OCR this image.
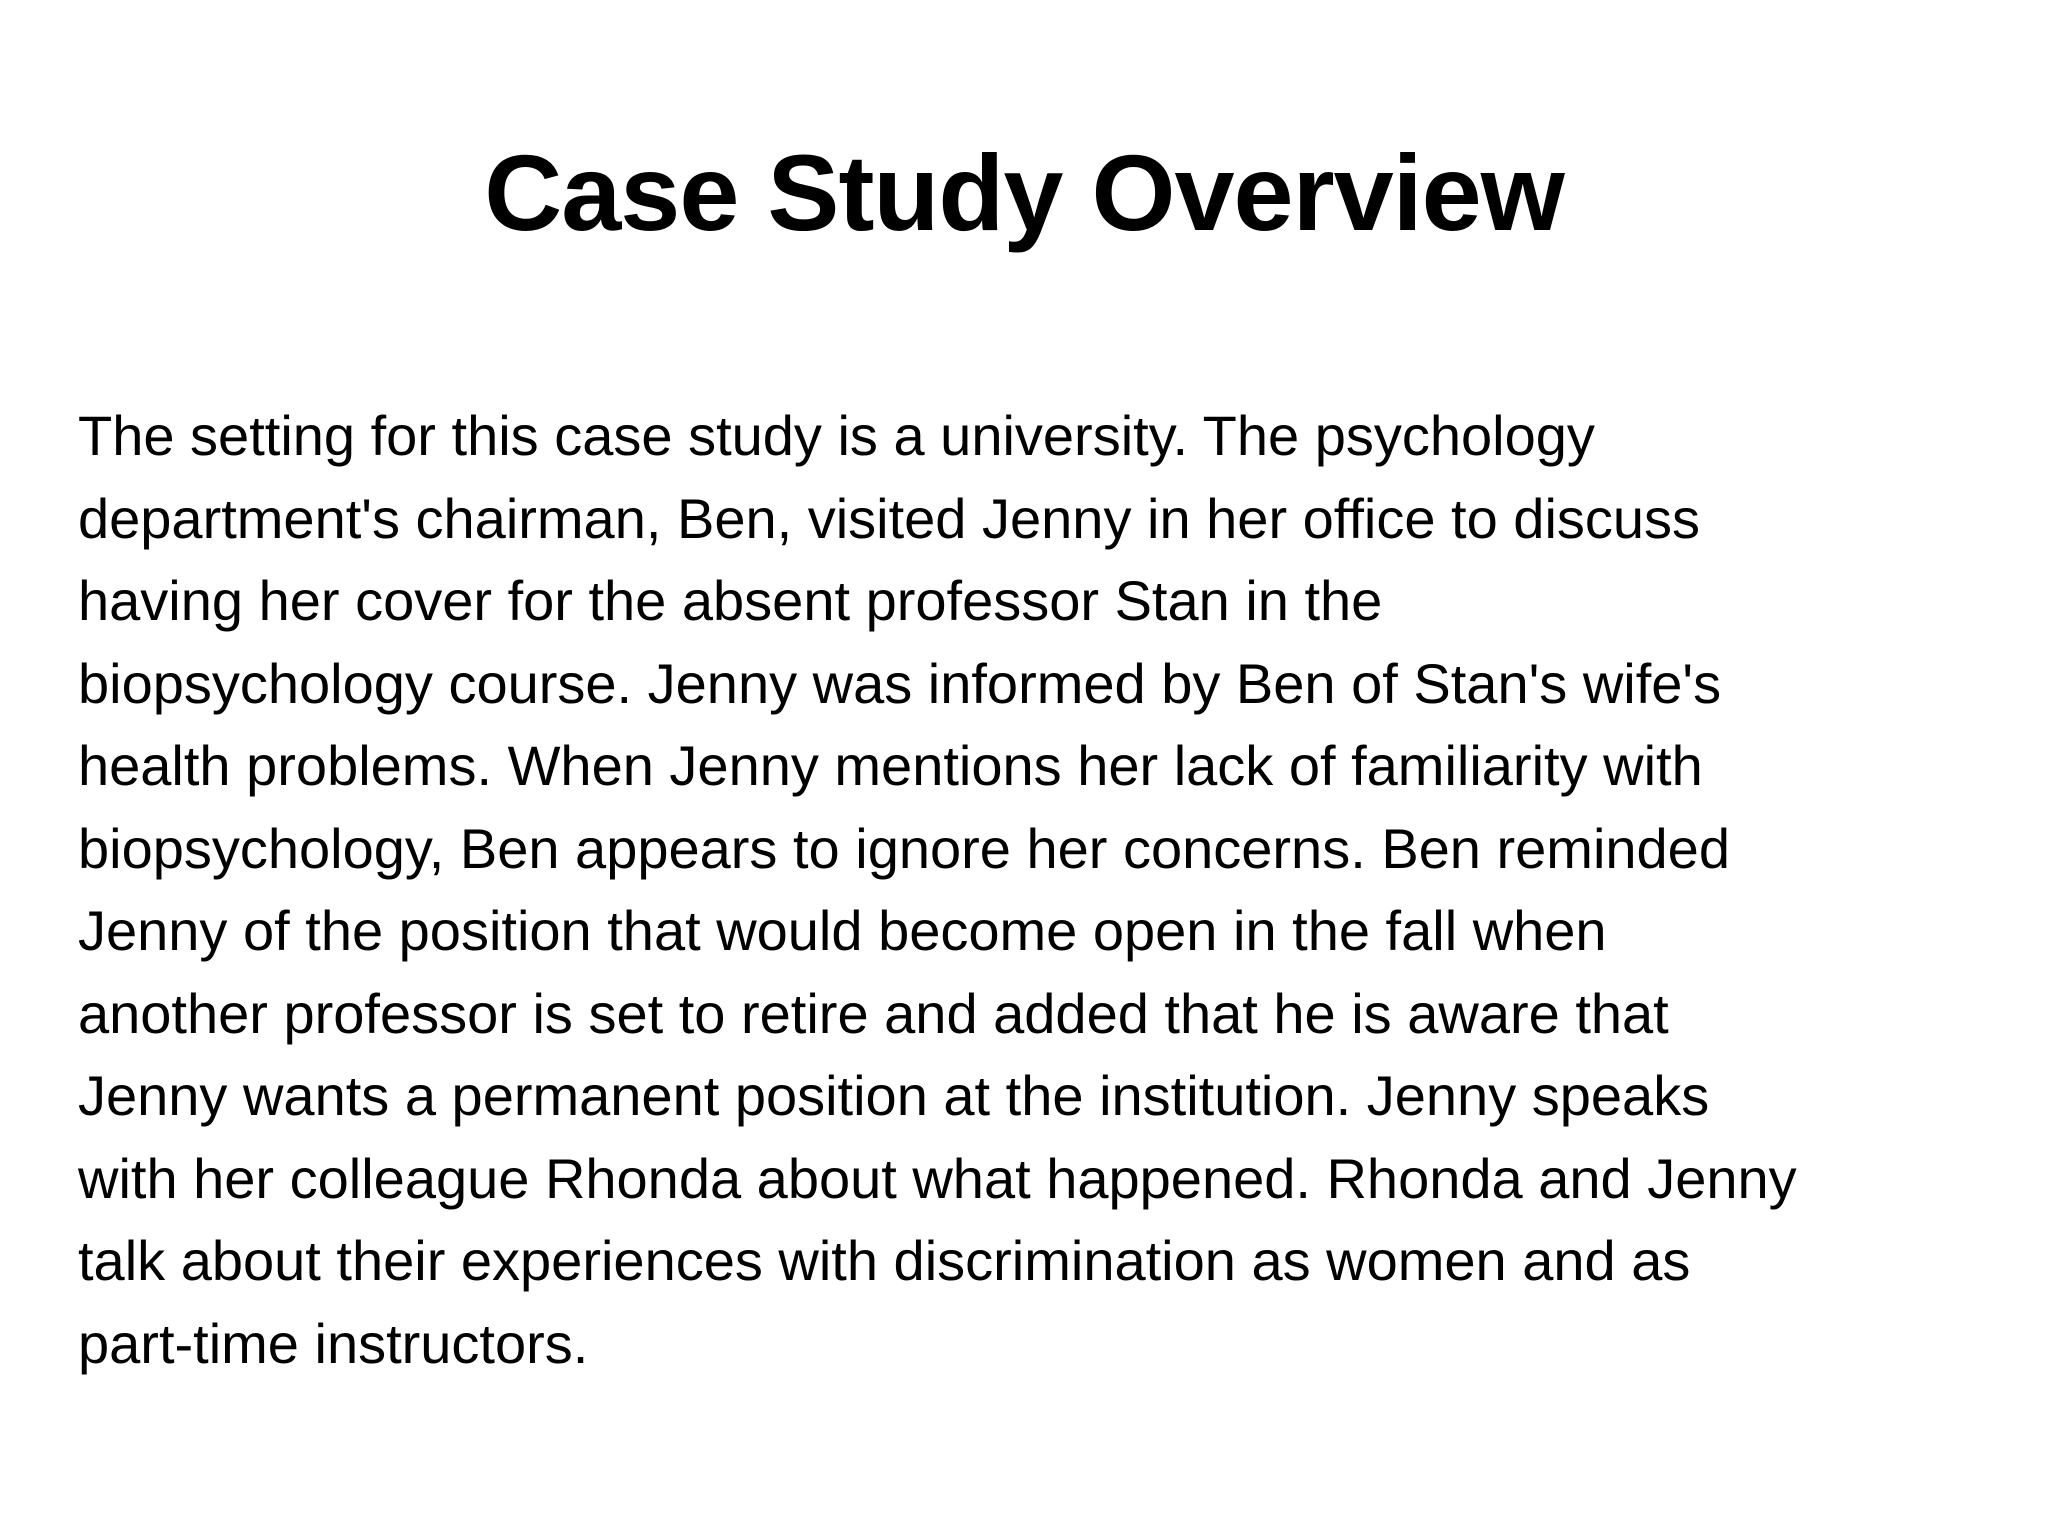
Case Study Overview
The setting for this case study is a university. The psychology
department's chairman, Ben, visited Jenny in her office to discuss
having her cover for the absent professor Stan in the
biopsychology course. Jenny was informed by Ben of Stan's wife's
health problems. When Jenny mentions her lack of familiarity with
biopsychology, Ben appears to ignore her concerns. Ben reminded
Jenny of the position that would become open in the fall when
another professor is set to retire and added that he is aware that
Jenny wants a permanent position at the institution. Jenny speaks
with her colleague Rhonda about what happened. Rhonda and Jenny
talk about their experiences with discrimination as women and as
part-time instructors.
